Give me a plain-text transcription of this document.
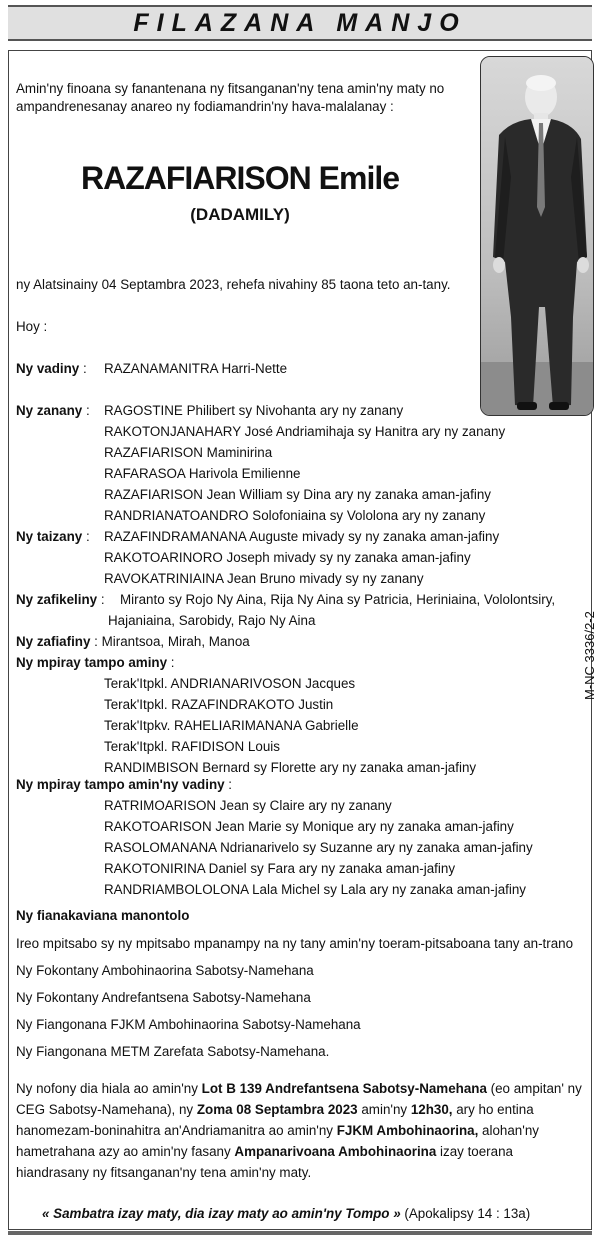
FILAZANA MANJO
Amin'ny finoana sy fanantenana ny fitsanganan'ny tena amin'ny maty no ampandrenesanay anareo ny fodiamandrin'ny hava-malalanay :
RAZAFIARISON Emile
(DADAMILY)
ny Alatsinainy 04 Septambra 2023, rehefa nivahiny 85 taona teto an-tany.
Hoy :
Ny vadiny : RAZANAMANITRA Harri-Nette
Ny zanany : RAGOSTINE Philibert sy Nivohanta ary ny zanany
RAKOTONJANAHARY José Andriamihaja sy Hanitra ary ny zanany
RAZAFIARISON Maminirina
RAFARASOA Harivola Emilienne
RAZAFIARISON Jean William sy Dina ary ny zanaka aman-jafiny
RANDRIANATOANDRO Solofoniaina sy Vololona ary ny zanany
Ny taizany : RAZAFINDRAMANANA Auguste mivady sy ny zanaka aman-jafiny
RAKOTOARINORO Joseph mivady sy ny zanaka aman-jafiny
RAVOKATRINIAINA Jean Bruno mivady sy ny zanany
Ny zafikeliny : Miranto sy Rojo Ny Aina, Rija Ny Aina sy Patricia, Heriniaina, Vololontsiry,
Hajaniaina, Sarobidy, Rajo Ny Aina
Ny zafiafiny : Mirantsoa, Mirah, Manoa
Ny mpiray tampo aminy :
Terak'Itpkl. ANDRIANARIVOSON Jacques
Terak'Itpkl. RAZAFINDRAKOTO Justin
Terak'Itpkv. RAHELIARIMANANA Gabrielle
Terak'Itpkl. RAFIDISON Louis
RANDIMBISON Bernard sy Florette ary ny zanaka aman-jafiny
Ny mpiray tampo amin'ny vadiny :
RATRIMOARISON Jean sy Claire ary ny zanany
RAKOTOARISON Jean Marie sy Monique ary ny zanaka aman-jafiny
RASOLOMANANA Ndrianarivelo sy Suzanne ary ny zanaka aman-jafiny
RAKOTONIRINA Daniel sy Fara ary ny zanaka aman-jafiny
RANDRIAMBOLOLONA Lala Michel sy Lala ary ny zanaka aman-jafiny
Ny fianakaviana manontolo
Ireo mpitsabo sy ny mpitsabo mpanampy na ny tany amin'ny toeram-pitsaboana tany an-trano
Ny Fokontany Ambohinaorina Sabotsy-Namehana
Ny Fokontany Andrefantsena Sabotsy-Namehana
Ny Fiangonana FJKM Ambohinaorina Sabotsy-Namehana
Ny Fiangonana METM Zarefata Sabotsy-Namehana.
Ny nofony dia hiala ao amin'ny Lot B 139 Andrefantsena Sabotsy-Namehana (eo ampitan' ny CEG Sabotsy-Namehana), ny Zoma 08 Septambra 2023 amin'ny 12h30, ary ho entina hanomezam-boninahitra an'Andriamanitra ao amin'ny FJKM Ambohinaorina, alohan'ny hametrahana azy ao amin'ny fasany Ampanarivoana Ambohinaorina izay toerana hiandrasany ny fitsanganan'ny tena amin'ny maty.
« Sambatra izay maty, dia izay maty ao amin'ny Tompo » (Apokalipsy 14 : 13a)
M-NC 3336/2-2
